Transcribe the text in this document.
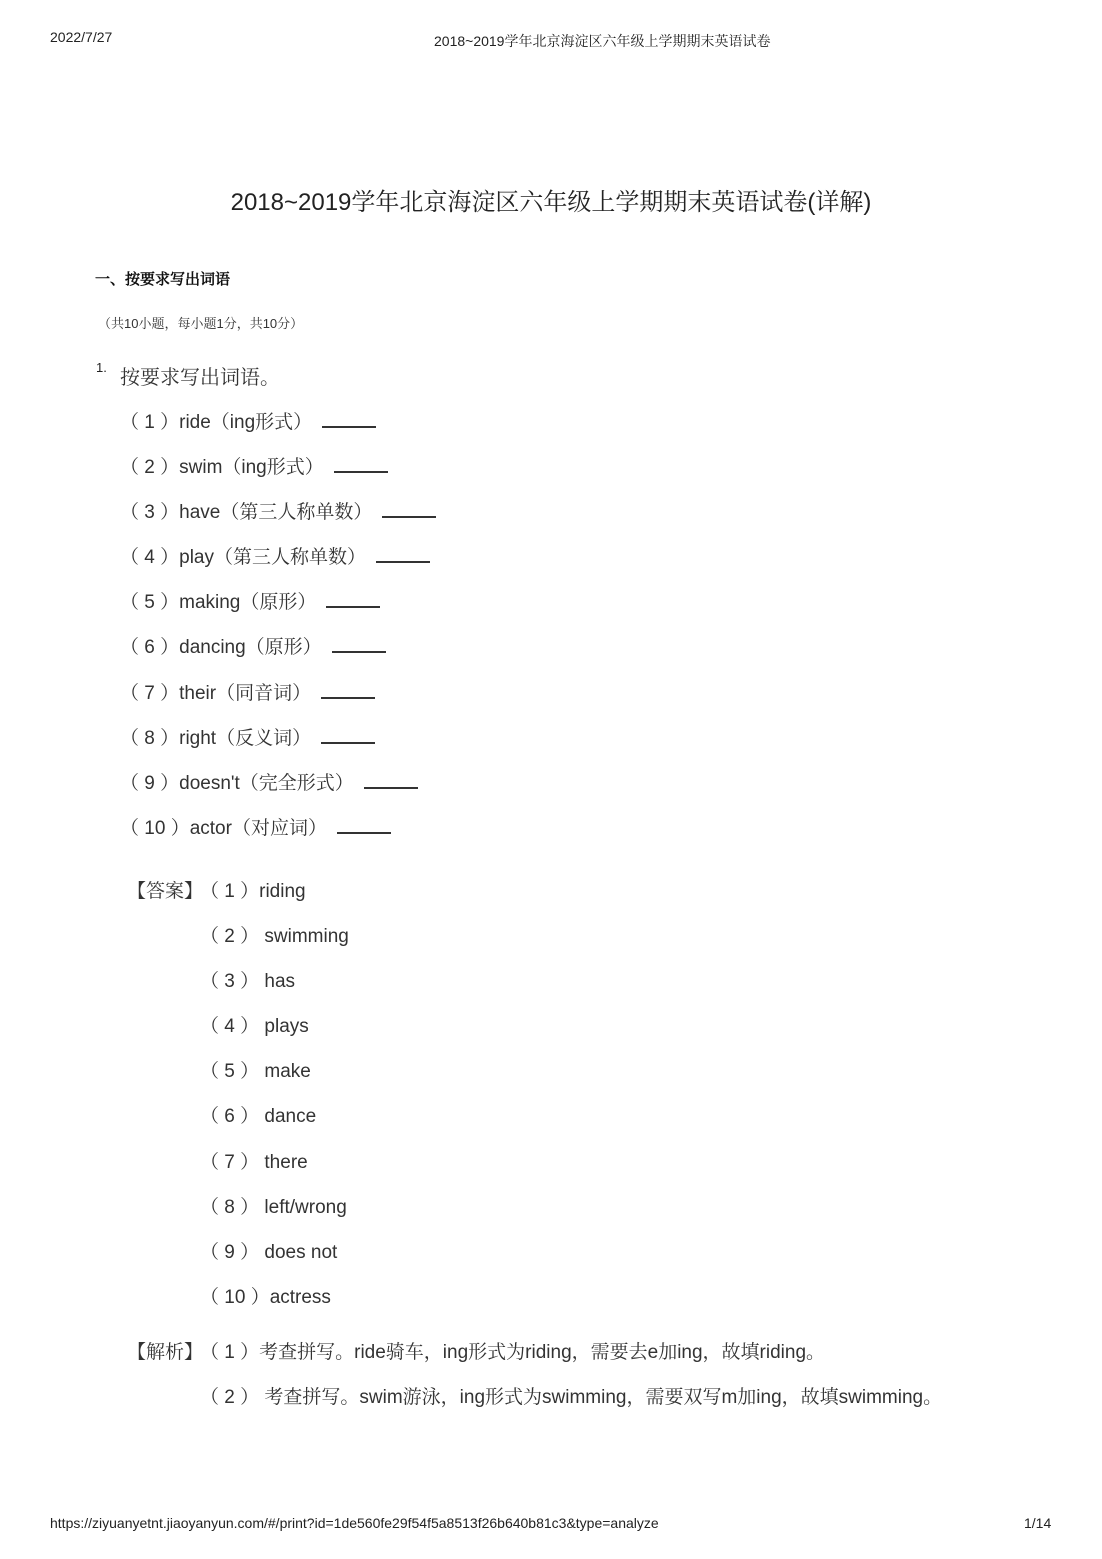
2022/7/27	2018~2019学年北京海淀区六年级上学期期末英语试卷
2018~2019学年北京海淀区六年级上学期期末英语试卷(详解)
一、按要求写出词语
（共10小题，每小题1分，共10分）
1. 按要求写出词语。
（ 1 ） ride（ing形式）
（ 2 ） swim（ing形式）
（ 3 ） have（第三人称单数）
（ 4 ） play（第三人称单数）
（ 5 ） making（原形）
（ 6 ） dancing（原形）
（ 7 ） their（同音词）
（ 8 ） right（反义词）
（ 9 ） doesn't（完全形式）
（ 10 ） actor（对应词）
【答案】
（ 1 ）riding
（ 2 ） swimming
（ 3 ） has
（ 4 ） plays
（ 5 ） make
（ 6 ） dance
（ 7 ） there
（ 8 ） left/wrong
（ 9 ） does not
（ 10 ）actress
【解析】
（ 1 ）考查拼写。ride骑车，ing形式为riding，需要去e加ing，故填riding。
（ 2 ） 考查拼写。swim游泳，ing形式为swimming，需要双写m加ing，故填swimming。
https://ziyuanyetnt.jiaoyanyun.com/#/print?id=1de560fe29f54f5a8513f26b640b81c3&type=analyze	1/14
